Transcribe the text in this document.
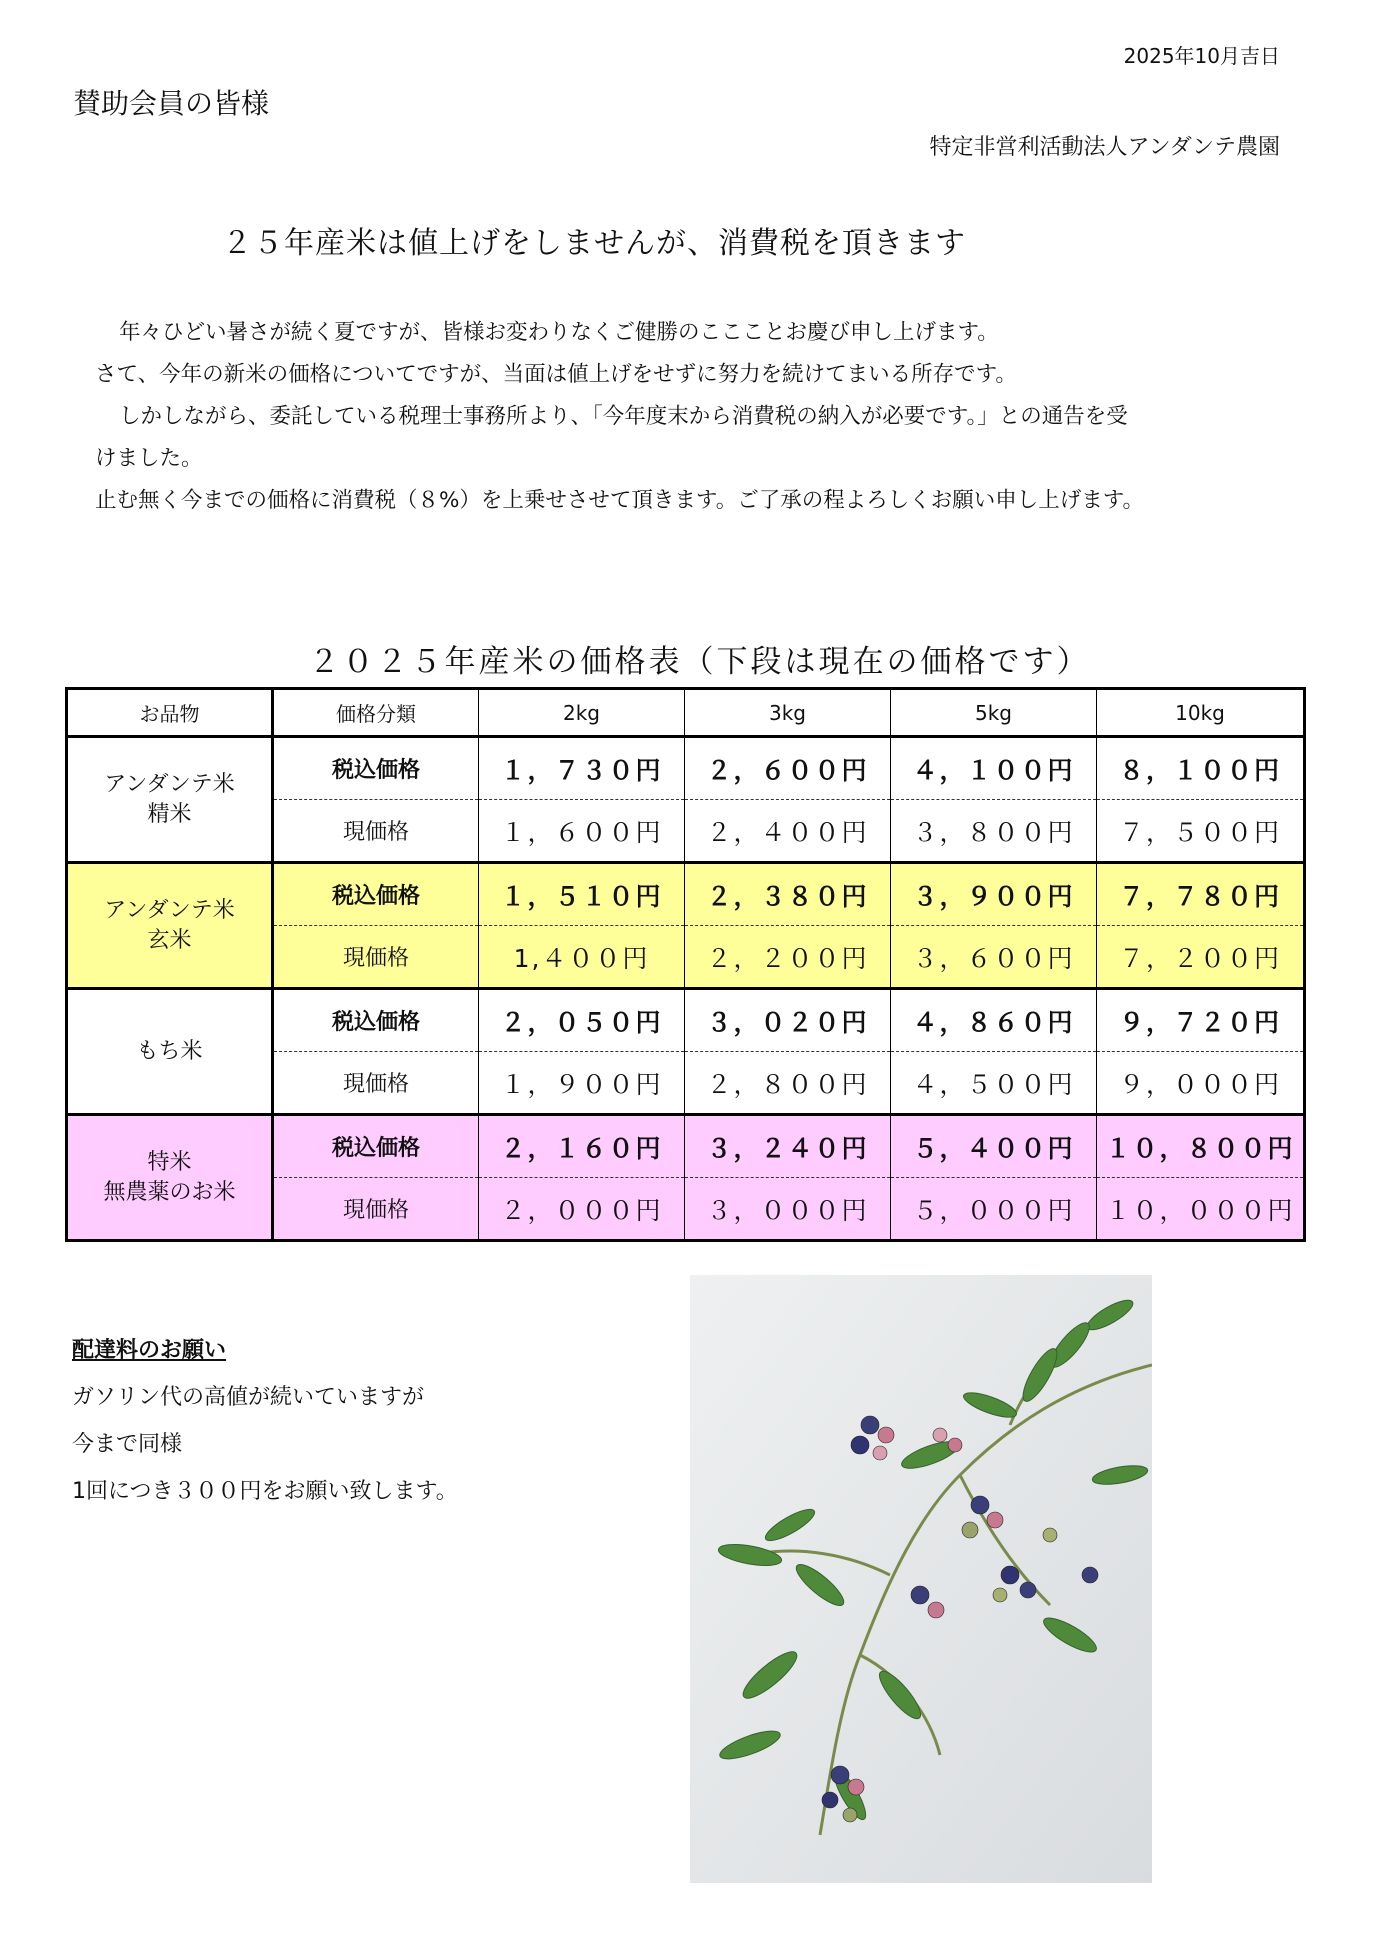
2025年10月吉日
賛助会員の皆様
特定非営利活動法人アンダンテ農園
２５年産米は値上げをしませんが、消費税を頂きます

年々ひどい暑さが続く夏ですが、皆様お変わりなくご健勝のここことお慶び申し上げます。

さて、今年の新米の価格についてですが、当面は値上げをせずに努力を続けてまいる所存です。

しかしながら、委託している税理士事務所より、「今年度末から消費税の納入が必要です。」との通告を受

けました。

止む無く今までの価格に消費税（８%）を上乗せさせて頂きます。ご了承の程よろしくお願い申し上げます。

２０２５年産米の価格表（下段は現在の価格です）
お品物	価格分類	2kg	3kg	5kg	10kg

アンダンテ米
精米	税込価格	１，７３０円	２，６００円	４，１００円	８，１００円
	現価格	１，６００円	２，４００円	３，８００円	７，５００円

アンダンテ米
玄米	税込価格	１，５１０円	２，３８０円	３，９００円	７，７８０円
	現価格	1,４００円	２，２００円	３，６００円	７，２００円

もち米	税込価格	２，０５０円	３，０２０円	４，８６０円	９，７２０円
	現価格	１，９００円	２，８００円	４，５００円	９，０００円

特米
無農薬のお米	税込価格	２，１６０円	３，２４０円	５，４００円	１０，８００円
	現価格	２，０００円	３，０００円	５，０００円	１０，０００円
配達料のお願い
ガソリン代の高値が続いていますが
今まで同様
1回につき３００円をお願い致します。
